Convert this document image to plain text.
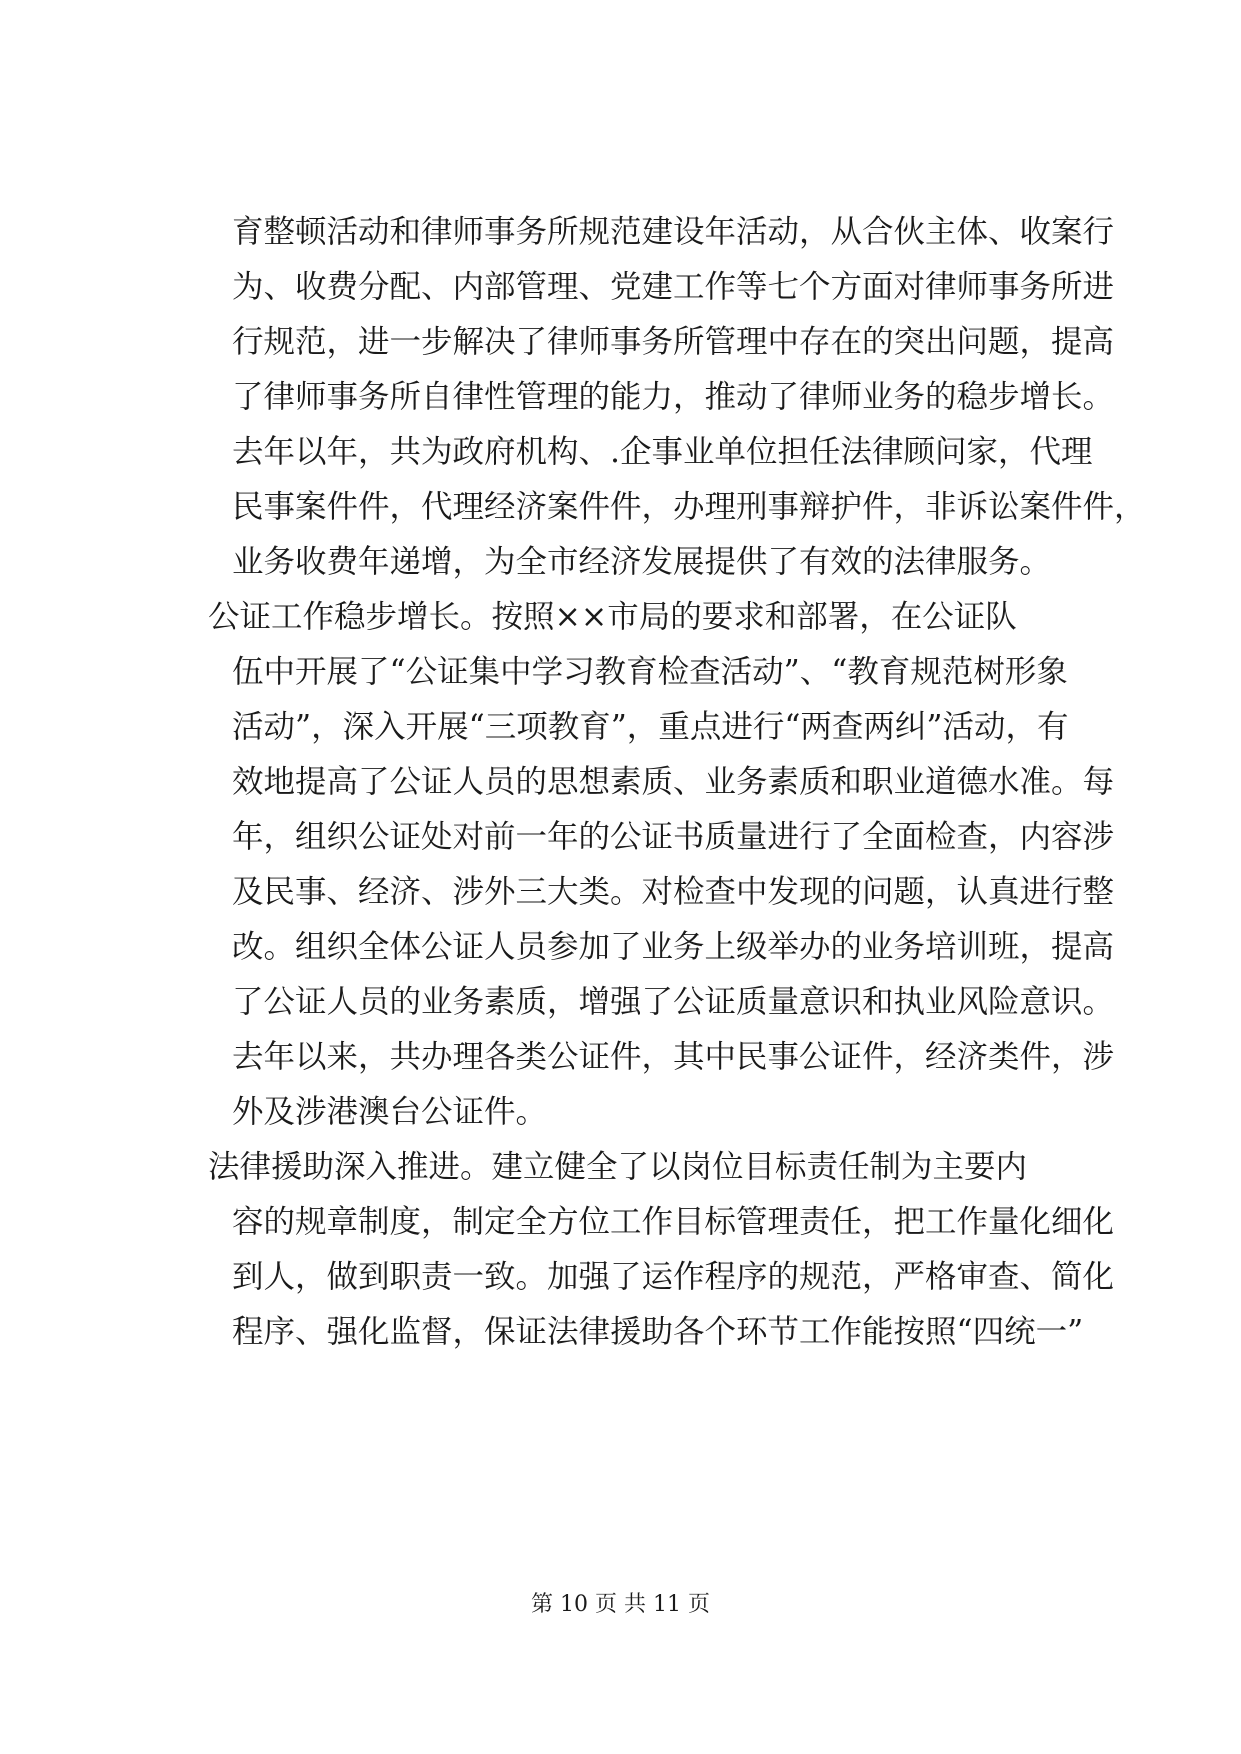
育整顿活动和律师事务所规范建设年活动，从合伙主体、收案行
为、收费分配、内部管理、党建工作等七个方面对律师事务所进
行规范，进一步解决了律师事务所管理中存在的突出问题，提高
了律师事务所自律性管理的能力，推动了律师业务的稳步增长。
去年以年，共为政府机构、.企事业单位担任法律顾问家，代理
民事案件件，代理经济案件件，办理刑事辩护件，非诉讼案件件，
业务收费年递增，为全市经济发展提供了有效的法律服务。
公证工作稳步增长。按照××市局的要求和部署，在公证队
伍中开展了“公证集中学习教育检查活动”、“教育规范树形象
活动”，深入开展“三项教育”，重点进行“两查两纠”活动，有
效地提高了公证人员的思想素质、业务素质和职业道德水准。每
年，组织公证处对前一年的公证书质量进行了全面检查，内容涉
及民事、经济、涉外三大类。对检查中发现的问题，认真进行整
改。组织全体公证人员参加了业务上级举办的业务培训班，提高
了公证人员的业务素质，增强了公证质量意识和执业风险意识。
去年以来，共办理各类公证件，其中民事公证件，经济类件，涉
外及涉港澳台公证件。
法律援助深入推进。建立健全了以岗位目标责任制为主要内
容的规章制度，制定全方位工作目标管理责任，把工作量化细化
到人，做到职责一致。加强了运作程序的规范，严格审查、简化
程序、强化监督，保证法律援助各个环节工作能按照“四统一”
第 10 页 共 11 页
